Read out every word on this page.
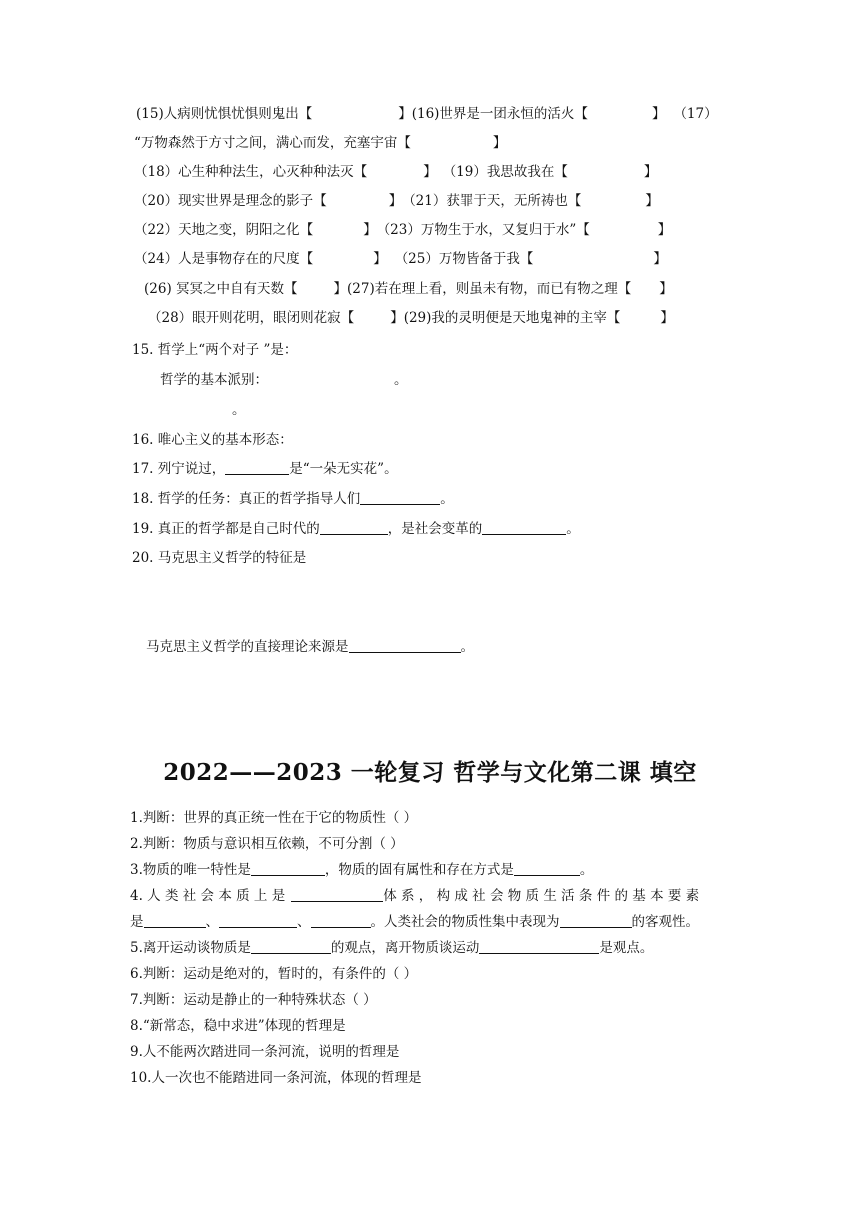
(15)人病则忧惧忧惧则鬼出【	】(16)世界是一团永恒的活火【	】 （17）
“万物森然于方寸之间，满心而发，充塞宇宙【	】
（18）心生种种法生，心灭种种法灭【	】 （19）我思故我在【	】
（20）现实世界是理念的影子【	】（21）获罪于天，无所祷也【	】
（22）天地之变，阴阳之化【	】（23）万物生于水，又复归于水”【	】
（24）人是事物存在的尺度【	】 （25）万物皆备于我【	】
(26) 冥冥之中自有天数【	】(27)若在理上看，则虽未有物，而已有物之理【 】
（28）眼开则花明，眼闭则花寂【	】(29)我的灵明便是天地鬼神的主宰【	】
15. 哲学上“两个对子 ”是：
哲学的基本派别：	。
。
16. 唯心主义的基本形态：
17. 列宁说过，	是“一朵无实花”。
18. 哲学的任务：真正的哲学指导人们	。
19. 真正的哲学都是自己时代的	，是社会变革的	。
20. 马克思主义哲学的特征是
马克思主义哲学的直接理论来源是	。
2022——2023 一轮复习 哲学与文化第二课 填空
1.判断：世界的真正统一性在于它的物质性（ ）
2.判断：物质与意识相互依赖，不可分割（ ）
3.物质的唯一特性是	，物质的固有属性和存在方式是	。
4. 人 类 社 会 本 质 上 是	体 系 ， 构 成 社 会 物 质 生 活 条 件 的 基 本 要 素
是	、	、	。人类社会的物质性集中表现为	的客观性。
5.离开运动谈物质是	的观点，离开物质谈运动	是观点。
6.判断：运动是绝对的，暂时的，有条件的（ ）
7.判断：运动是静止的一种特殊状态（ ）
8.“新常态，稳中求进”体现的哲理是
9.人不能两次踏进同一条河流，说明的哲理是
10.人一次也不能踏进同一条河流，体现的哲理是
